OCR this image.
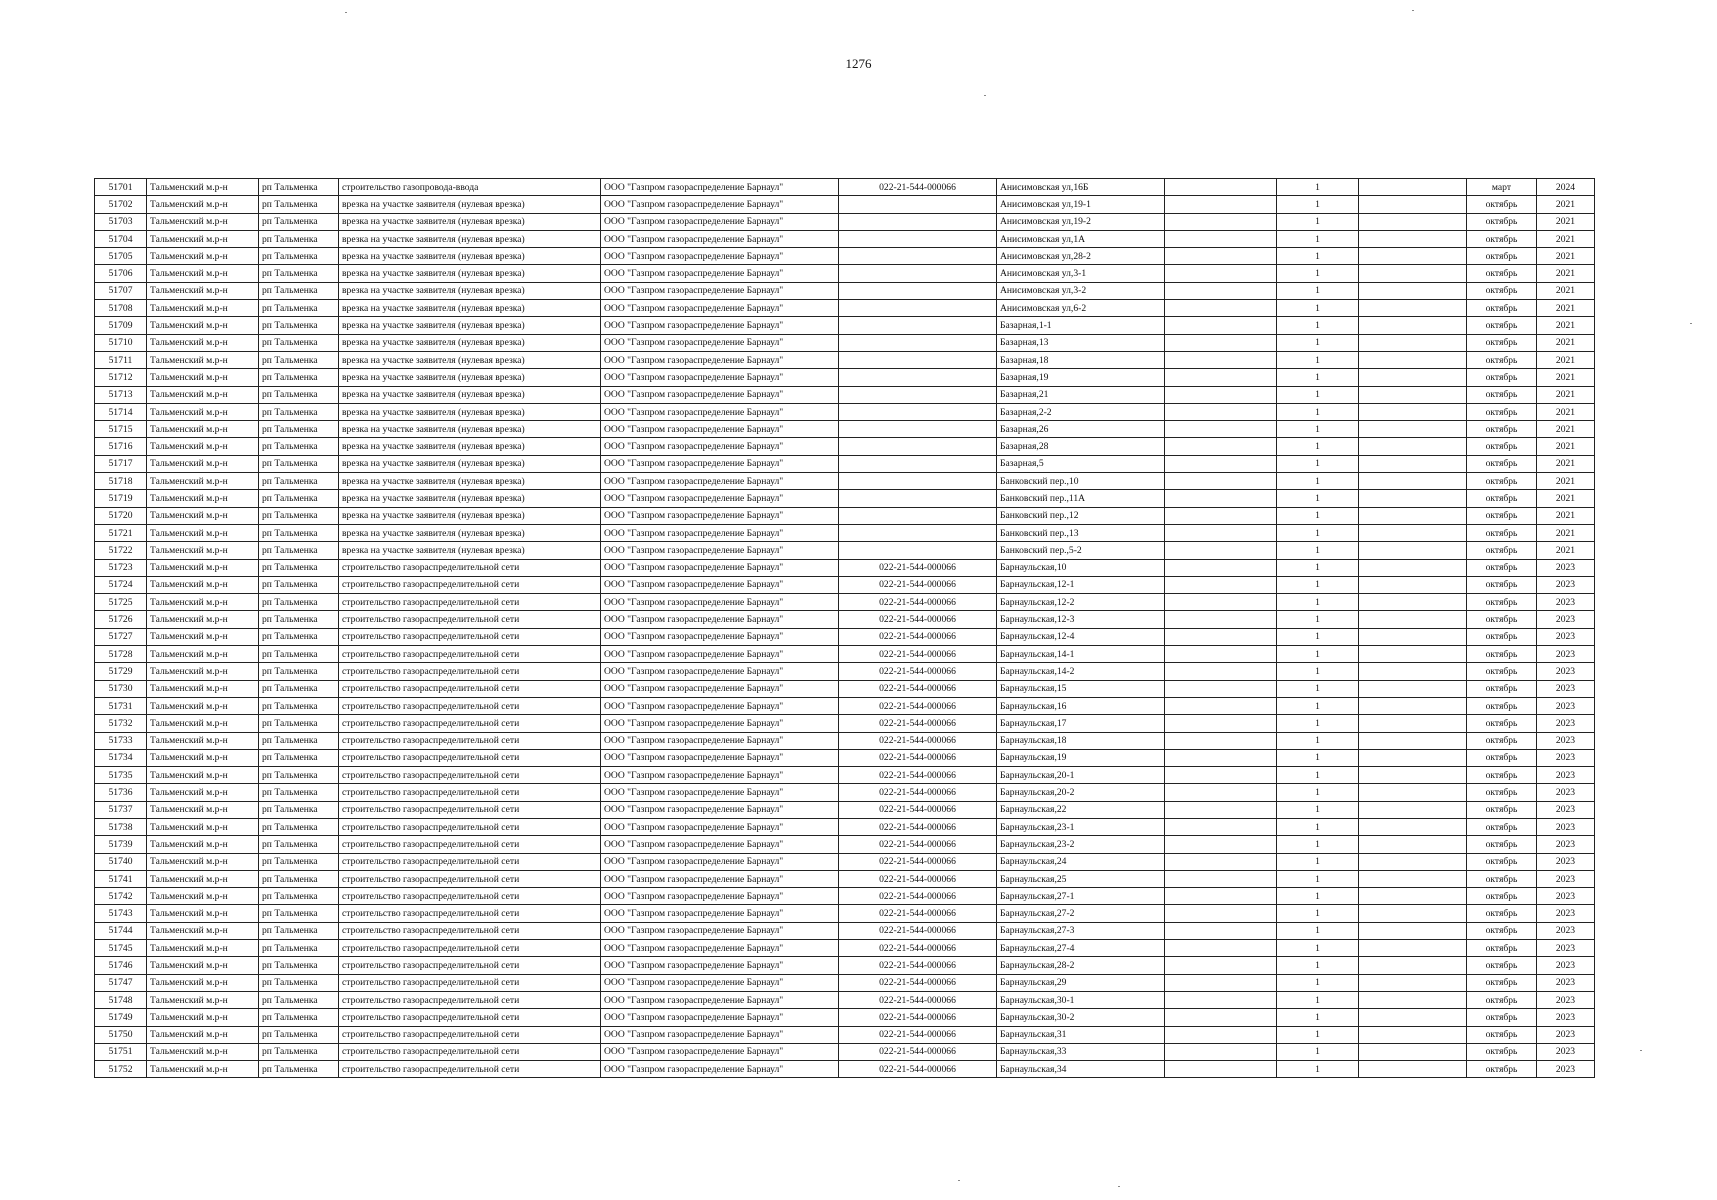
1276
51701	Тальменский м.р-н	рп Тальменка	строительство газопровода-ввода	ООО "Газпром газораспределение Барнаул"	022-21-544-000066	Анисимовская ул,16Б		1		март	2024
51702	Тальменский м.р-н	рп Тальменка	врезка на участке заявителя (нулевая врезка)	ООО "Газпром газораспределение Барнаул"		Анисимовская ул,19-1		1		октябрь	2021
51703	Тальменский м.р-н	рп Тальменка	врезка на участке заявителя (нулевая врезка)	ООО "Газпром газораспределение Барнаул"		Анисимовская ул,19-2		1		октябрь	2021
51704	Тальменский м.р-н	рп Тальменка	врезка на участке заявителя (нулевая врезка)	ООО "Газпром газораспределение Барнаул"		Анисимовская ул,1А		1		октябрь	2021
51705	Тальменский м.р-н	рп Тальменка	врезка на участке заявителя (нулевая врезка)	ООО "Газпром газораспределение Барнаул"		Анисимовская ул,28-2		1		октябрь	2021
51706	Тальменский м.р-н	рп Тальменка	врезка на участке заявителя (нулевая врезка)	ООО "Газпром газораспределение Барнаул"		Анисимовская ул,3-1		1		октябрь	2021
51707	Тальменский м.р-н	рп Тальменка	врезка на участке заявителя (нулевая врезка)	ООО "Газпром газораспределение Барнаул"		Анисимовская ул,3-2		1		октябрь	2021
51708	Тальменский м.р-н	рп Тальменка	врезка на участке заявителя (нулевая врезка)	ООО "Газпром газораспределение Барнаул"		Анисимовская ул,6-2		1		октябрь	2021
51709	Тальменский м.р-н	рп Тальменка	врезка на участке заявителя (нулевая врезка)	ООО "Газпром газораспределение Барнаул"		Базарная,1-1		1		октябрь	2021
51710	Тальменский м.р-н	рп Тальменка	врезка на участке заявителя (нулевая врезка)	ООО "Газпром газораспределение Барнаул"		Базарная,13		1		октябрь	2021
51711	Тальменский м.р-н	рп Тальменка	врезка на участке заявителя (нулевая врезка)	ООО "Газпром газораспределение Барнаул"		Базарная,18		1		октябрь	2021
51712	Тальменский м.р-н	рп Тальменка	врезка на участке заявителя (нулевая врезка)	ООО "Газпром газораспределение Барнаул"		Базарная,19		1		октябрь	2021
51713	Тальменский м.р-н	рп Тальменка	врезка на участке заявителя (нулевая врезка)	ООО "Газпром газораспределение Барнаул"		Базарная,21		1		октябрь	2021
51714	Тальменский м.р-н	рп Тальменка	врезка на участке заявителя (нулевая врезка)	ООО "Газпром газораспределение Барнаул"		Базарная,2-2		1		октябрь	2021
51715	Тальменский м.р-н	рп Тальменка	врезка на участке заявителя (нулевая врезка)	ООО "Газпром газораспределение Барнаул"		Базарная,26		1		октябрь	2021
51716	Тальменский м.р-н	рп Тальменка	врезка на участке заявителя (нулевая врезка)	ООО "Газпром газораспределение Барнаул"		Базарная,28		1		октябрь	2021
51717	Тальменский м.р-н	рп Тальменка	врезка на участке заявителя (нулевая врезка)	ООО "Газпром газораспределение Барнаул"		Базарная,5		1		октябрь	2021
51718	Тальменский м.р-н	рп Тальменка	врезка на участке заявителя (нулевая врезка)	ООО "Газпром газораспределение Барнаул"		Банковский пер.,10		1		октябрь	2021
51719	Тальменский м.р-н	рп Тальменка	врезка на участке заявителя (нулевая врезка)	ООО "Газпром газораспределение Барнаул"		Банковский пер.,11А		1		октябрь	2021
51720	Тальменский м.р-н	рп Тальменка	врезка на участке заявителя (нулевая врезка)	ООО "Газпром газораспределение Барнаул"		Банковский пер.,12		1		октябрь	2021
51721	Тальменский м.р-н	рп Тальменка	врезка на участке заявителя (нулевая врезка)	ООО "Газпром газораспределение Барнаул"		Банковский пер.,13		1		октябрь	2021
51722	Тальменский м.р-н	рп Тальменка	врезка на участке заявителя (нулевая врезка)	ООО "Газпром газораспределение Барнаул"		Банковский пер.,5-2		1		октябрь	2021
51723	Тальменский м.р-н	рп Тальменка	строительство газораспределительной сети	ООО "Газпром газораспределение Барнаул"	022-21-544-000066	Барнаульская,10		1		октябрь	2023
51724	Тальменский м.р-н	рп Тальменка	строительство газораспределительной сети	ООО "Газпром газораспределение Барнаул"	022-21-544-000066	Барнаульская,12-1		1		октябрь	2023
51725	Тальменский м.р-н	рп Тальменка	строительство газораспределительной сети	ООО "Газпром газораспределение Барнаул"	022-21-544-000066	Барнаульская,12-2		1		октябрь	2023
51726	Тальменский м.р-н	рп Тальменка	строительство газораспределительной сети	ООО "Газпром газораспределение Барнаул"	022-21-544-000066	Барнаульская,12-3		1		октябрь	2023
51727	Тальменский м.р-н	рп Тальменка	строительство газораспределительной сети	ООО "Газпром газораспределение Барнаул"	022-21-544-000066	Барнаульская,12-4		1		октябрь	2023
51728	Тальменский м.р-н	рп Тальменка	строительство газораспределительной сети	ООО "Газпром газораспределение Барнаул"	022-21-544-000066	Барнаульская,14-1		1		октябрь	2023
51729	Тальменский м.р-н	рп Тальменка	строительство газораспределительной сети	ООО "Газпром газораспределение Барнаул"	022-21-544-000066	Барнаульская,14-2		1		октябрь	2023
51730	Тальменский м.р-н	рп Тальменка	строительство газораспределительной сети	ООО "Газпром газораспределение Барнаул"	022-21-544-000066	Барнаульская,15		1		октябрь	2023
51731	Тальменский м.р-н	рп Тальменка	строительство газораспределительной сети	ООО "Газпром газораспределение Барнаул"	022-21-544-000066	Барнаульская,16		1		октябрь	2023
51732	Тальменский м.р-н	рп Тальменка	строительство газораспределительной сети	ООО "Газпром газораспределение Барнаул"	022-21-544-000066	Барнаульская,17		1		октябрь	2023
51733	Тальменский м.р-н	рп Тальменка	строительство газораспределительной сети	ООО "Газпром газораспределение Барнаул"	022-21-544-000066	Барнаульская,18		1		октябрь	2023
51734	Тальменский м.р-н	рп Тальменка	строительство газораспределительной сети	ООО "Газпром газораспределение Барнаул"	022-21-544-000066	Барнаульская,19		1		октябрь	2023
51735	Тальменский м.р-н	рп Тальменка	строительство газораспределительной сети	ООО "Газпром газораспределение Барнаул"	022-21-544-000066	Барнаульская,20-1		1		октябрь	2023
51736	Тальменский м.р-н	рп Тальменка	строительство газораспределительной сети	ООО "Газпром газораспределение Барнаул"	022-21-544-000066	Барнаульская,20-2		1		октябрь	2023
51737	Тальменский м.р-н	рп Тальменка	строительство газораспределительной сети	ООО "Газпром газораспределение Барнаул"	022-21-544-000066	Барнаульская,22		1		октябрь	2023
51738	Тальменский м.р-н	рп Тальменка	строительство газораспределительной сети	ООО "Газпром газораспределение Барнаул"	022-21-544-000066	Барнаульская,23-1		1		октябрь	2023
51739	Тальменский м.р-н	рп Тальменка	строительство газораспределительной сети	ООО "Газпром газораспределение Барнаул"	022-21-544-000066	Барнаульская,23-2		1		октябрь	2023
51740	Тальменский м.р-н	рп Тальменка	строительство газораспределительной сети	ООО "Газпром газораспределение Барнаул"	022-21-544-000066	Барнаульская,24		1		октябрь	2023
51741	Тальменский м.р-н	рп Тальменка	строительство газораспределительной сети	ООО "Газпром газораспределение Барнаул"	022-21-544-000066	Барнаульская,25		1		октябрь	2023
51742	Тальменский м.р-н	рп Тальменка	строительство газораспределительной сети	ООО "Газпром газораспределение Барнаул"	022-21-544-000066	Барнаульская,27-1		1		октябрь	2023
51743	Тальменский м.р-н	рп Тальменка	строительство газораспределительной сети	ООО "Газпром газораспределение Барнаул"	022-21-544-000066	Барнаульская,27-2		1		октябрь	2023
51744	Тальменский м.р-н	рп Тальменка	строительство газораспределительной сети	ООО "Газпром газораспределение Барнаул"	022-21-544-000066	Барнаульская,27-3		1		октябрь	2023
51745	Тальменский м.р-н	рп Тальменка	строительство газораспределительной сети	ООО "Газпром газораспределение Барнаул"	022-21-544-000066	Барнаульская,27-4		1		октябрь	2023
51746	Тальменский м.р-н	рп Тальменка	строительство газораспределительной сети	ООО "Газпром газораспределение Барнаул"	022-21-544-000066	Барнаульская,28-2		1		октябрь	2023
51747	Тальменский м.р-н	рп Тальменка	строительство газораспределительной сети	ООО "Газпром газораспределение Барнаул"	022-21-544-000066	Барнаульская,29		1		октябрь	2023
51748	Тальменский м.р-н	рп Тальменка	строительство газораспределительной сети	ООО "Газпром газораспределение Барнаул"	022-21-544-000066	Барнаульская,30-1		1		октябрь	2023
51749	Тальменский м.р-н	рп Тальменка	строительство газораспределительной сети	ООО "Газпром газораспределение Барнаул"	022-21-544-000066	Барнаульская,30-2		1		октябрь	2023
51750	Тальменский м.р-н	рп Тальменка	строительство газораспределительной сети	ООО "Газпром газораспределение Барнаул"	022-21-544-000066	Барнаульская,31		1		октябрь	2023
51751	Тальменский м.р-н	рп Тальменка	строительство газораспределительной сети	ООО "Газпром газораспределение Барнаул"	022-21-544-000066	Барнаульская,33		1		октябрь	2023
51752	Тальменский м.р-н	рп Тальменка	строительство газораспределительной сети	ООО "Газпром газораспределение Барнаул"	022-21-544-000066	Барнаульская,34		1		октябрь	2023
